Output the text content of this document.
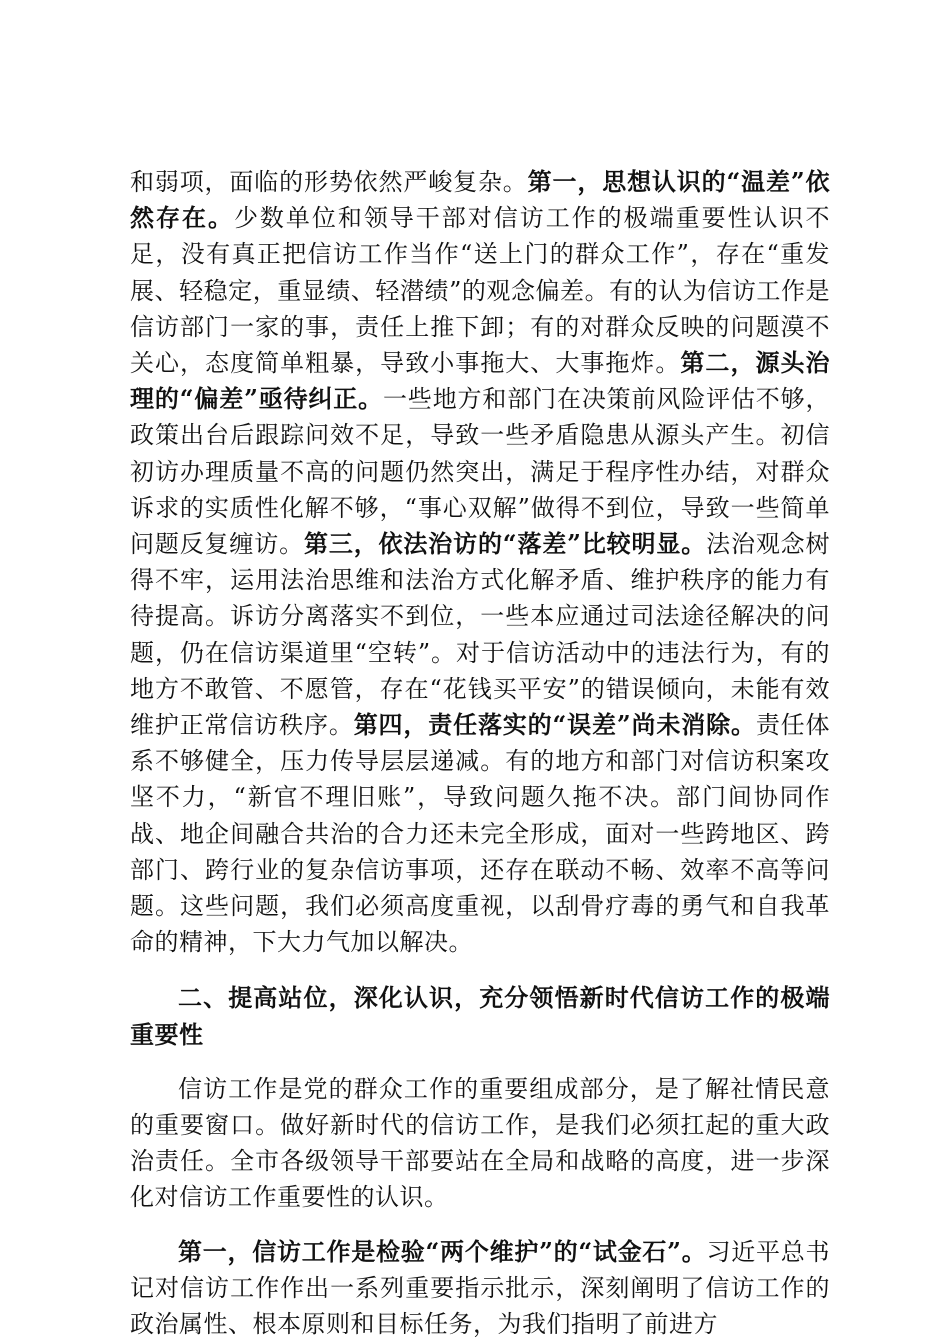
和弱项，面临的形势依然严峻复杂。第一，思想认识的“温差”依然存在。少数单位和领导干部对信访工作的极端重要性认识不足，没有真正把信访工作当作“送上门的群众工作”，存在“重发展、轻稳定，重显绩、轻潜绩”的观念偏差。有的认为信访工作是信访部门一家的事，责任上推下卸；有的对群众反映的问题漠不关心，态度简单粗暴，导致小事拖大、大事拖炸。第二，源头治理的“偏差”亟待纠正。一些地方和部门在决策前风险评估不够，政策出台后跟踪问效不足，导致一些矛盾隐患从源头产生。初信初访办理质量不高的问题仍然突出，满足于程序性办结，对群众诉求的实质性化解不够，“事心双解”做得不到位，导致一些简单问题反复缠访。第三，依法治访的“落差”比较明显。法治观念树得不牢，运用法治思维和法治方式化解矛盾、维护秩序的能力有待提高。诉访分离落实不到位，一些本应通过司法途径解决的问题，仍在信访渠道里“空转”。对于信访活动中的违法行为，有的地方不敢管、不愿管，存在“花钱买平安”的错误倾向，未能有效维护正常信访秩序。第四，责任落实的“误差”尚未消除。责任体系不够健全，压力传导层层递减。有的地方和部门对信访积案攻坚不力，“新官不理旧账”，导致问题久拖不决。部门间协同作战、地企间融合共治的合力还未完全形成，面对一些跨地区、跨部门、跨行业的复杂信访事项，还存在联动不畅、效率不高等问题。这些问题，我们必须高度重视，以刮骨疗毒的勇气和自我革命的精神，下大力气加以解决。

二、提高站位，深化认识，充分领悟新时代信访工作的极端重要性

信访工作是党的群众工作的重要组成部分，是了解社情民意的重要窗口。做好新时代的信访工作，是我们必须扛起的重大政治责任。全市各级领导干部要站在全局和战略的高度，进一步深化对信访工作重要性的认识。

第一，信访工作是检验“两个维护”的“试金石”。习近平总书记对信访工作作出一系列重要指示批示，深刻阐明了信访工作的政治属性、根本原则和目标任务，为我们指明了前进方
